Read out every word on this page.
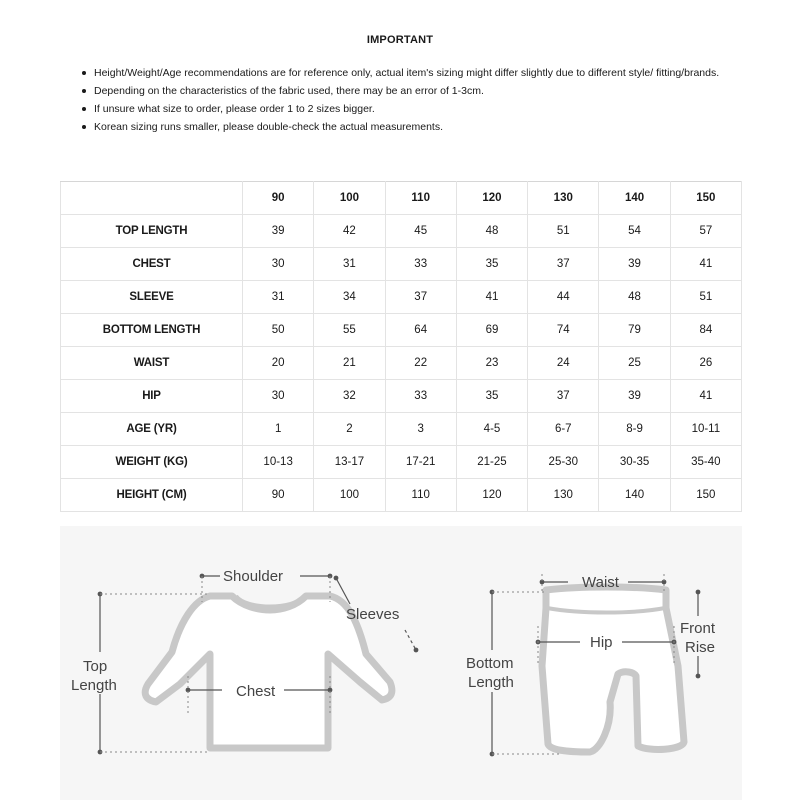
IMPORTANT
Height/Weight/Age recommendations are for reference only, actual item's sizing might differ slightly due to different style/ fitting/brands.
Depending on the characteristics of the fabric used, there may be an error of 1-3cm.
If unsure what size to order, please order 1 to 2 sizes bigger.
Korean sizing runs smaller, please double-check the actual measurements.
	90	100	110	120	130	140	150
TOP LENGTH	39	42	45	48	51	54	57
CHEST	30	31	33	35	37	39	41
SLEEVE	31	34	37	41	44	48	51
BOTTOM LENGTH	50	55	64	69	74	79	84
WAIST	20	21	22	23	24	25	26
HIP	30	32	33	35	37	39	41
AGE (YR)	1	2	3	4-5	6-7	8-9	10-11
WEIGHT (KG)	10-13	13-17	17-21	21-25	25-30	30-35	35-40
HEIGHT (CM)	90	100	110	120	130	140	150
Shoulder
Sleeves
Top
Length	Chest
Waist
Hip
Front
Rise
Bottom
Length
